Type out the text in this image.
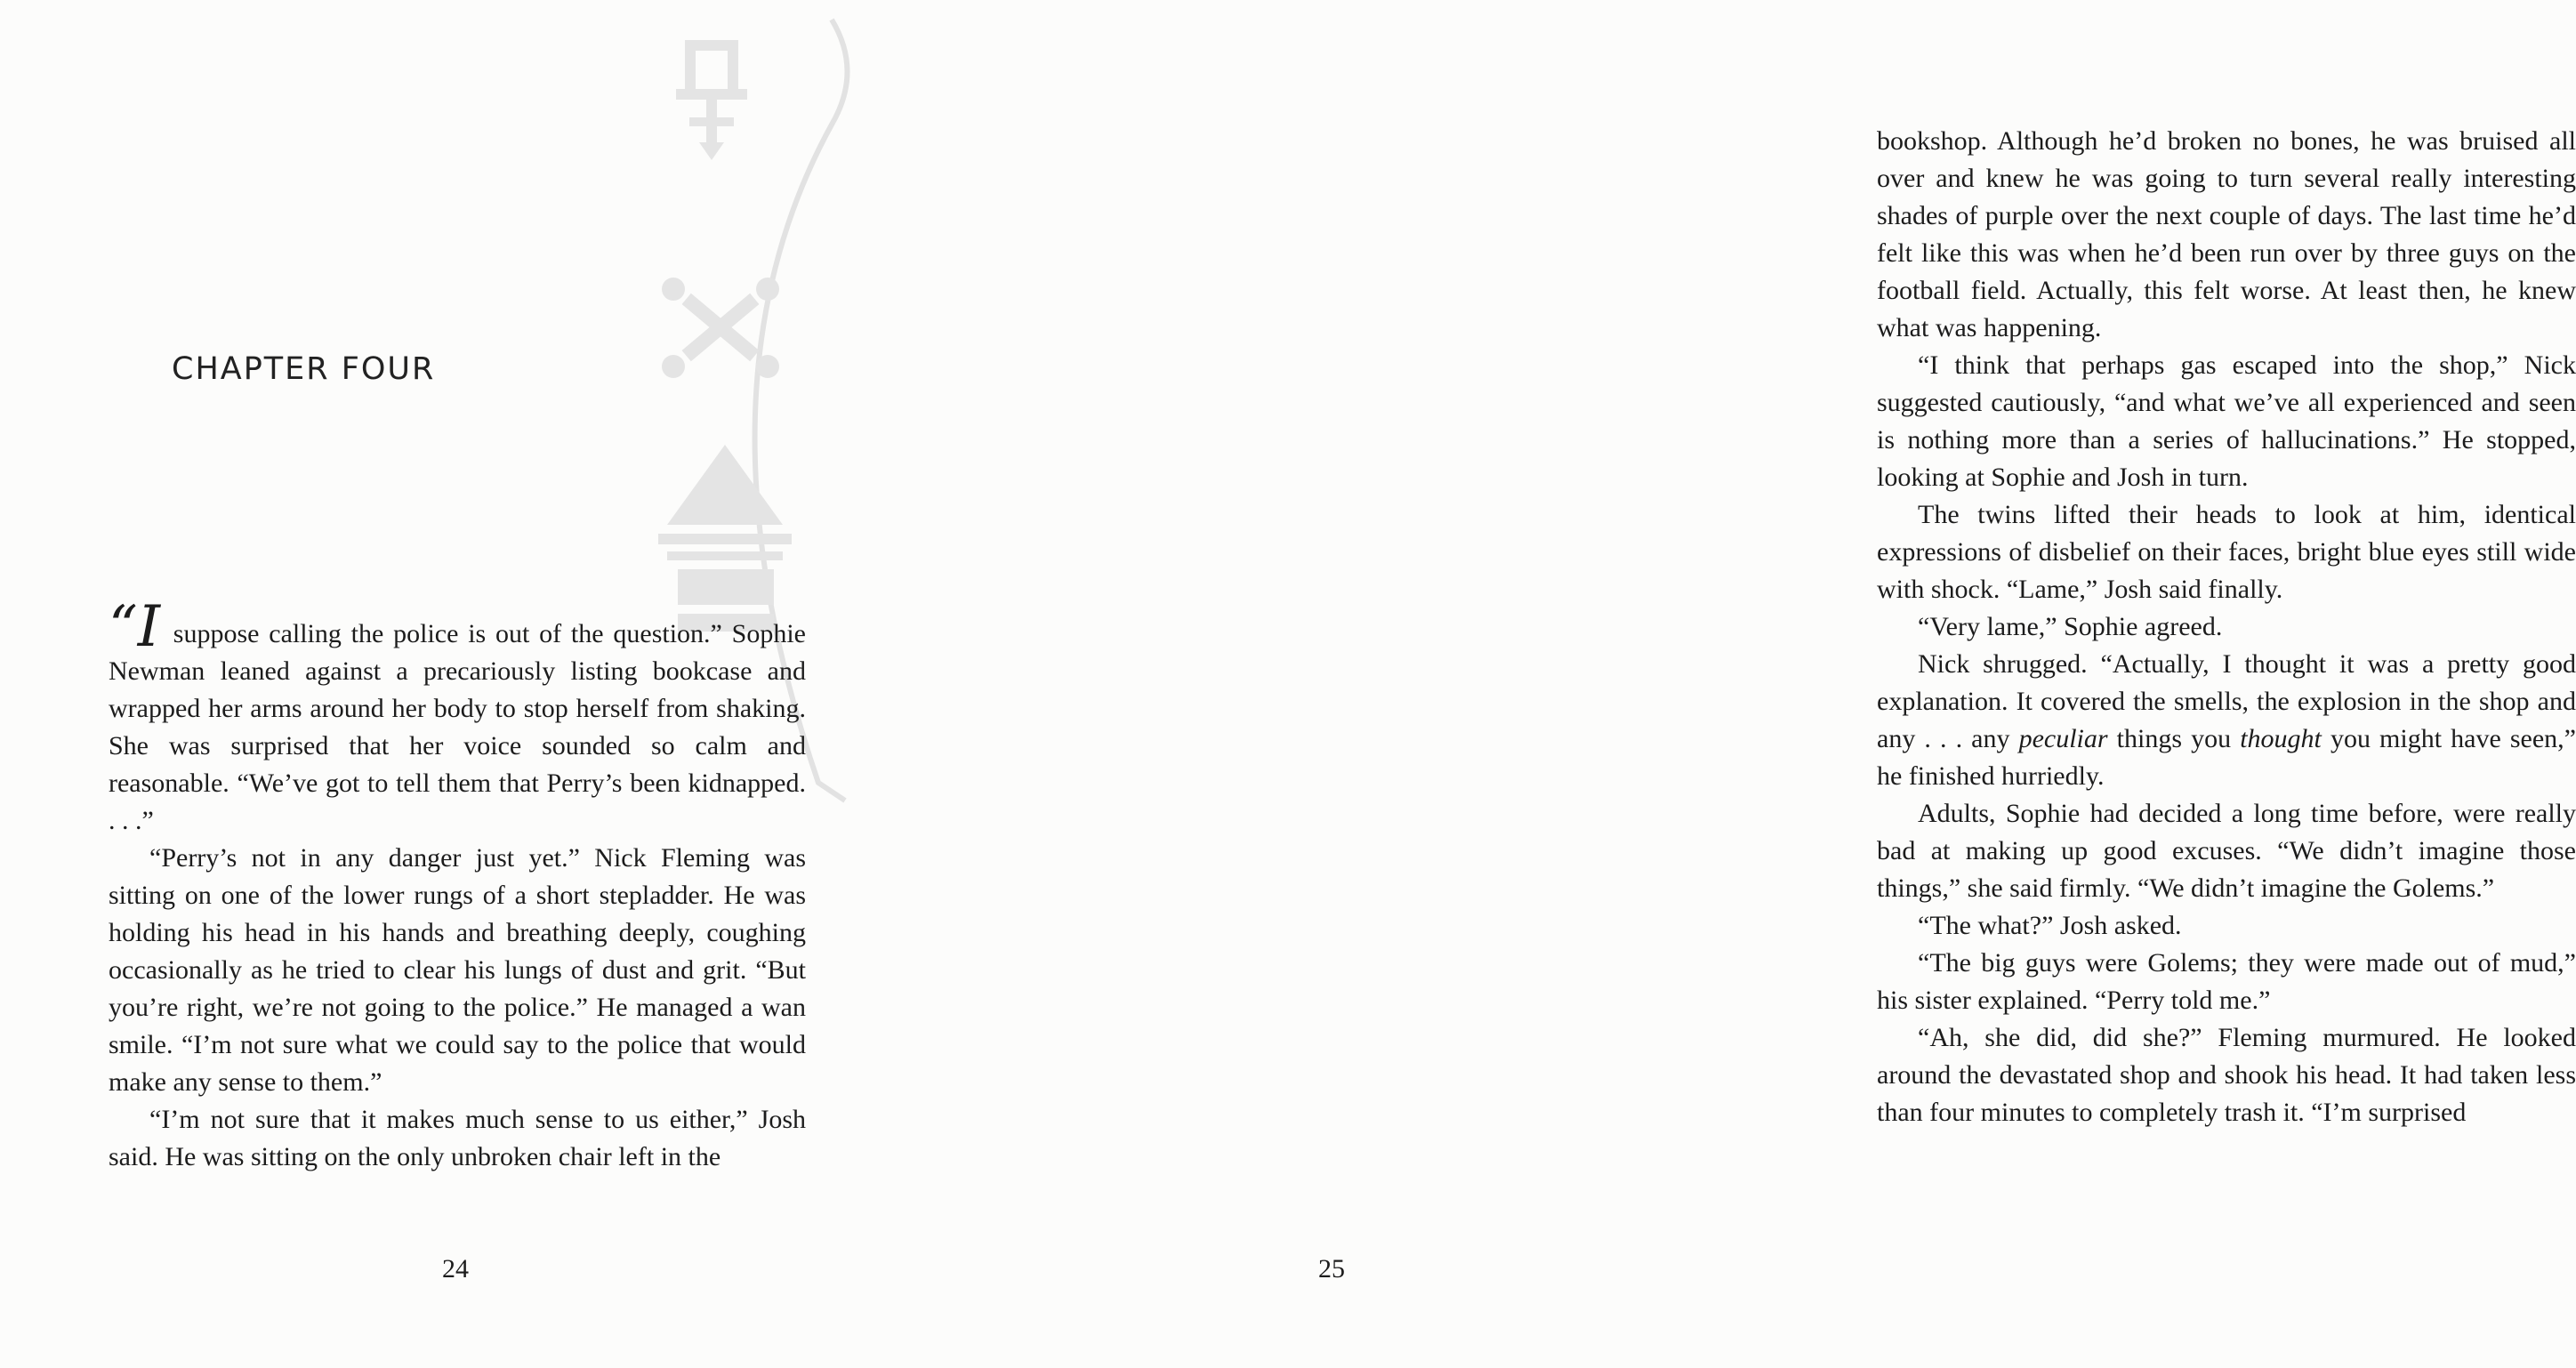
CHAPTER FOUR

“I suppose calling the police is out of the question.” Sophie Newman leaned against a precariously listing bookcase and wrapped her arms around her body to stop herself from shaking. She was surprised that her voice sounded so calm and reasonable. “We’ve got to tell them that Perry’s been kidnapped. . . .”

“Perry’s not in any danger just yet.” Nick Fleming was sitting on one of the lower rungs of a short stepladder. He was holding his head in his hands and breathing deeply, coughing occasionally as he tried to clear his lungs of dust and grit. “But you’re right, we’re not going to the police.” He managed a wan smile. “I’m not sure what we could say to the police that would make any sense to them.”

“I’m not sure that it makes much sense to us either,” Josh said. He was sitting on the only unbroken chair left in the

24

bookshop. Although he’d broken no bones, he was bruised all over and knew he was going to turn several really interesting shades of purple over the next couple of days. The last time he’d felt like this was when he’d been run over by three guys on the football field. Actually, this felt worse. At least then, he knew what was happening.

“I think that perhaps gas escaped into the shop,” Nick suggested cautiously, “and what we’ve all experienced and seen is nothing more than a series of hallucinations.” He stopped, looking at Sophie and Josh in turn.

The twins lifted their heads to look at him, identical expressions of disbelief on their faces, bright blue eyes still wide with shock. “Lame,” Josh said finally.

“Very lame,” Sophie agreed.

Nick shrugged. “Actually, I thought it was a pretty good explanation. It covered the smells, the explosion in the shop and any . . . any peculiar things you thought you might have seen,” he finished hurriedly.

Adults, Sophie had decided a long time before, were really bad at making up good excuses. “We didn’t imagine those things,” she said firmly. “We didn’t imagine the Golems.”

“The what?” Josh asked.

“The big guys were Golems; they were made out of mud,” his sister explained. “Perry told me.”

“Ah, she did, did she?” Fleming murmured. He looked around the devastated shop and shook his head. It had taken less than four minutes to completely trash it. “I’m surprised

25
